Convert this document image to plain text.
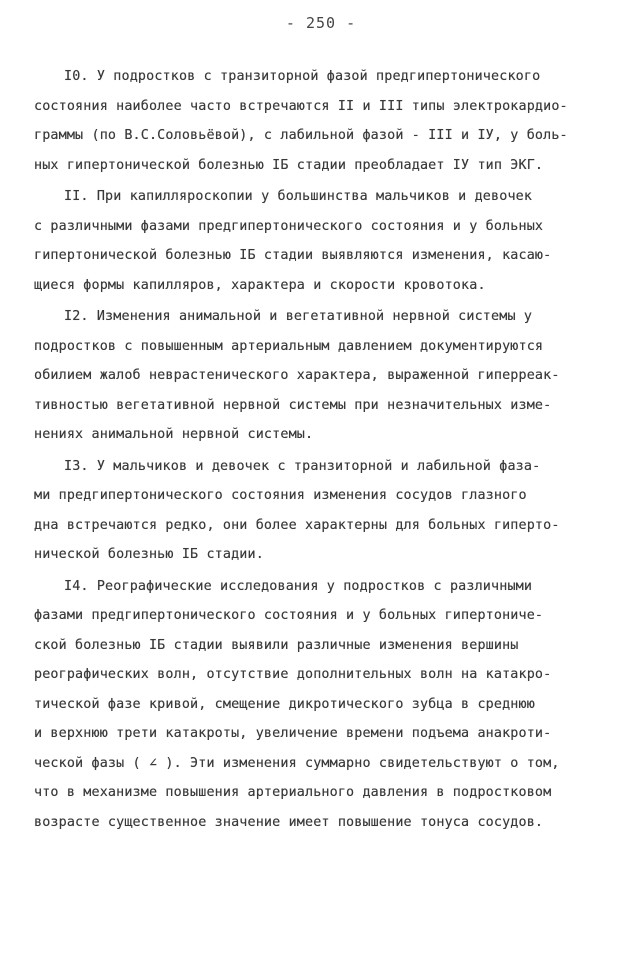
- 250 -
I0. У подростков с транзиторной фазой предгипертонического
состояния наиболее часто встречаются II и III типы электрокардио-
граммы (по В.С.Соловьёвой), с лабильной фазой - III и IУ, у боль-
ных гипертонической болезнью IБ стадии преобладает IУ тип ЭКГ.
II. При капилляроскопии у большинства мальчиков и девочек
с различными фазами предгипертонического состояния и у больных
гипертонической болезнью IБ стадии выявляются изменения, касаю-
щиеся формы капилляров, характера и скорости кровотока.
I2. Изменения анимальной и вегетативной нервной системы у
подростков с повышенным артериальным давлением документируются
обилием жалоб неврастенического характера, выраженной гиперреак-
тивностью вегетативной нервной системы при незначительных изме-
нениях анимальной нервной системы.
I3. У мальчиков и девочек с транзиторной и лабильной фаза-
ми предгипертонического состояния изменения сосудов глазного
дна встречаются редко, они более характерны для больных гиперто-
нической болезнью IБ стадии.
I4. Реографические исследования у подростков с различными
фазами предгипертонического состояния и у больных гипертониче-
ской болезнью IБ стадии выявили различные изменения вершины
реографических волн, отсутствие дополнительных волн на катакро-
тической фазе кривой, смещение дикротического зубца в среднюю
и верхнюю трети катакроты, увеличение времени подъема анакроти-
ческой фазы ( ∠ ). Эти изменения суммарно свидетельствуют о том,
что в механизме повышения артериального давления в подростковом
возрасте существенное значение имеет повышение тонуса сосудов.
